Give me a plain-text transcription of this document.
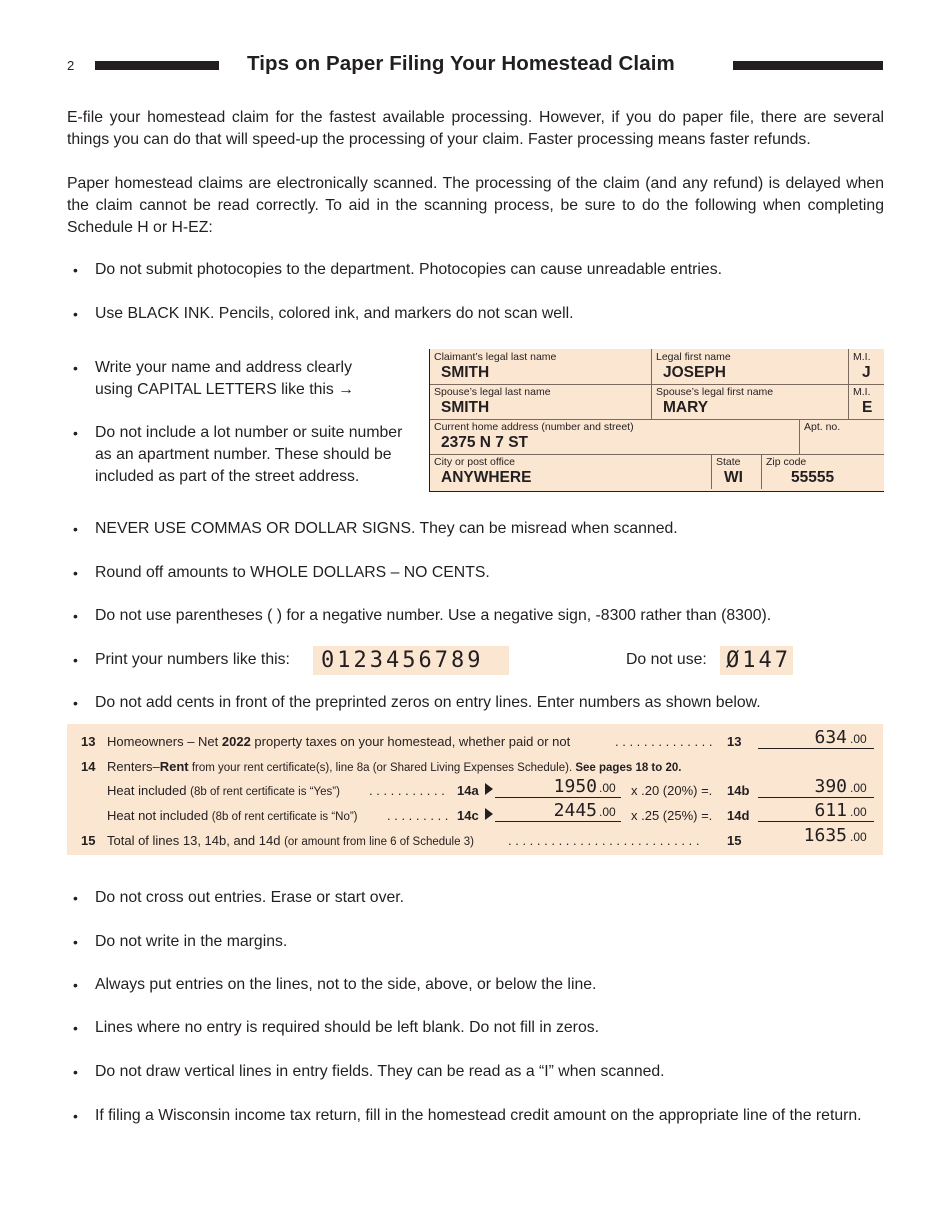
2	Tips on Paper Filing Your Homestead Claim
E-file your homestead claim for the fastest available processing. However, if you do paper file, there are several things you can do that will speed-up the processing of your claim. Faster processing means faster refunds.
Paper homestead claims are electronically scanned. The processing of the claim (and any refund) is delayed when the claim cannot be read correctly. To aid in the scanning process, be sure to do the following when completing Schedule H or H-EZ:
• Do not submit photocopies to the department. Photocopies can cause unreadable entries.
• Use BLACK INK. Pencils, colored ink, and markers do not scan well.
• Write your name and address clearly
using CAPITAL LETTERS like this →
• Do not include a lot number or suite number
as an apartment number. These should be
included as part of the street address.
Claimant’s legal last name
SMITH
Legal first name
JOSEPH
M.I.
J
Spouse’s legal last name
SMITH
Spouse’s legal first name
MARY
M.I.
E
Current home address (number and street)
2375 N 7 ST
Apt. no.
City or post office
ANYWHERE
State
WI
Zip code
55555
• NEVER USE COMMAS OR DOLLAR SIGNS. They can be misread when scanned.
• Round off amounts to WHOLE DOLLARS – NO CENTS.
• Do not use parentheses ( ) for a negative number. Use a negative sign, -8300 rather than (8300).
• Print your numbers like this: 0123456789	Do not use: Ø147
• Do not add cents in front of the preprinted zeros on entry lines. Enter numbers as shown below.
13 Homeowners – Net 2022 property taxes on your homestead, whether paid or not	. . . . . . . . . . . . . . 13	634 .00
14 Renters–Rent from your rent certificate(s), line 8a (or Shared Living Expenses Schedule). See pages 18 to 20.
Heat included (8b of rent certificate is “Yes”) . . . . . . . . . . . 14a	1950 .00 x .20 (20%) =. 14b	390 .00
Heat not included (8b of rent certificate is “No”) . . . . . . . . . 14c	2445 .00 x .25 (25%) =. 14d	611 .00
15 Total of lines 13, 14b, and 14d (or amount from line 6 of Schedule 3)	. . . . . . . . . . . . . . . . . . . . . . . . . . . 15	1635 .00
• Do not cross out entries. Erase or start over.
• Do not write in the margins.
• Always put entries on the lines, not to the side, above, or below the line.
• Lines where no entry is required should be left blank. Do not fill in zeros.
• Do not draw vertical lines in entry fields. They can be read as a “I” when scanned.
• If filing a Wisconsin income tax return, fill in the homestead credit amount on the appropriate line of the return.
